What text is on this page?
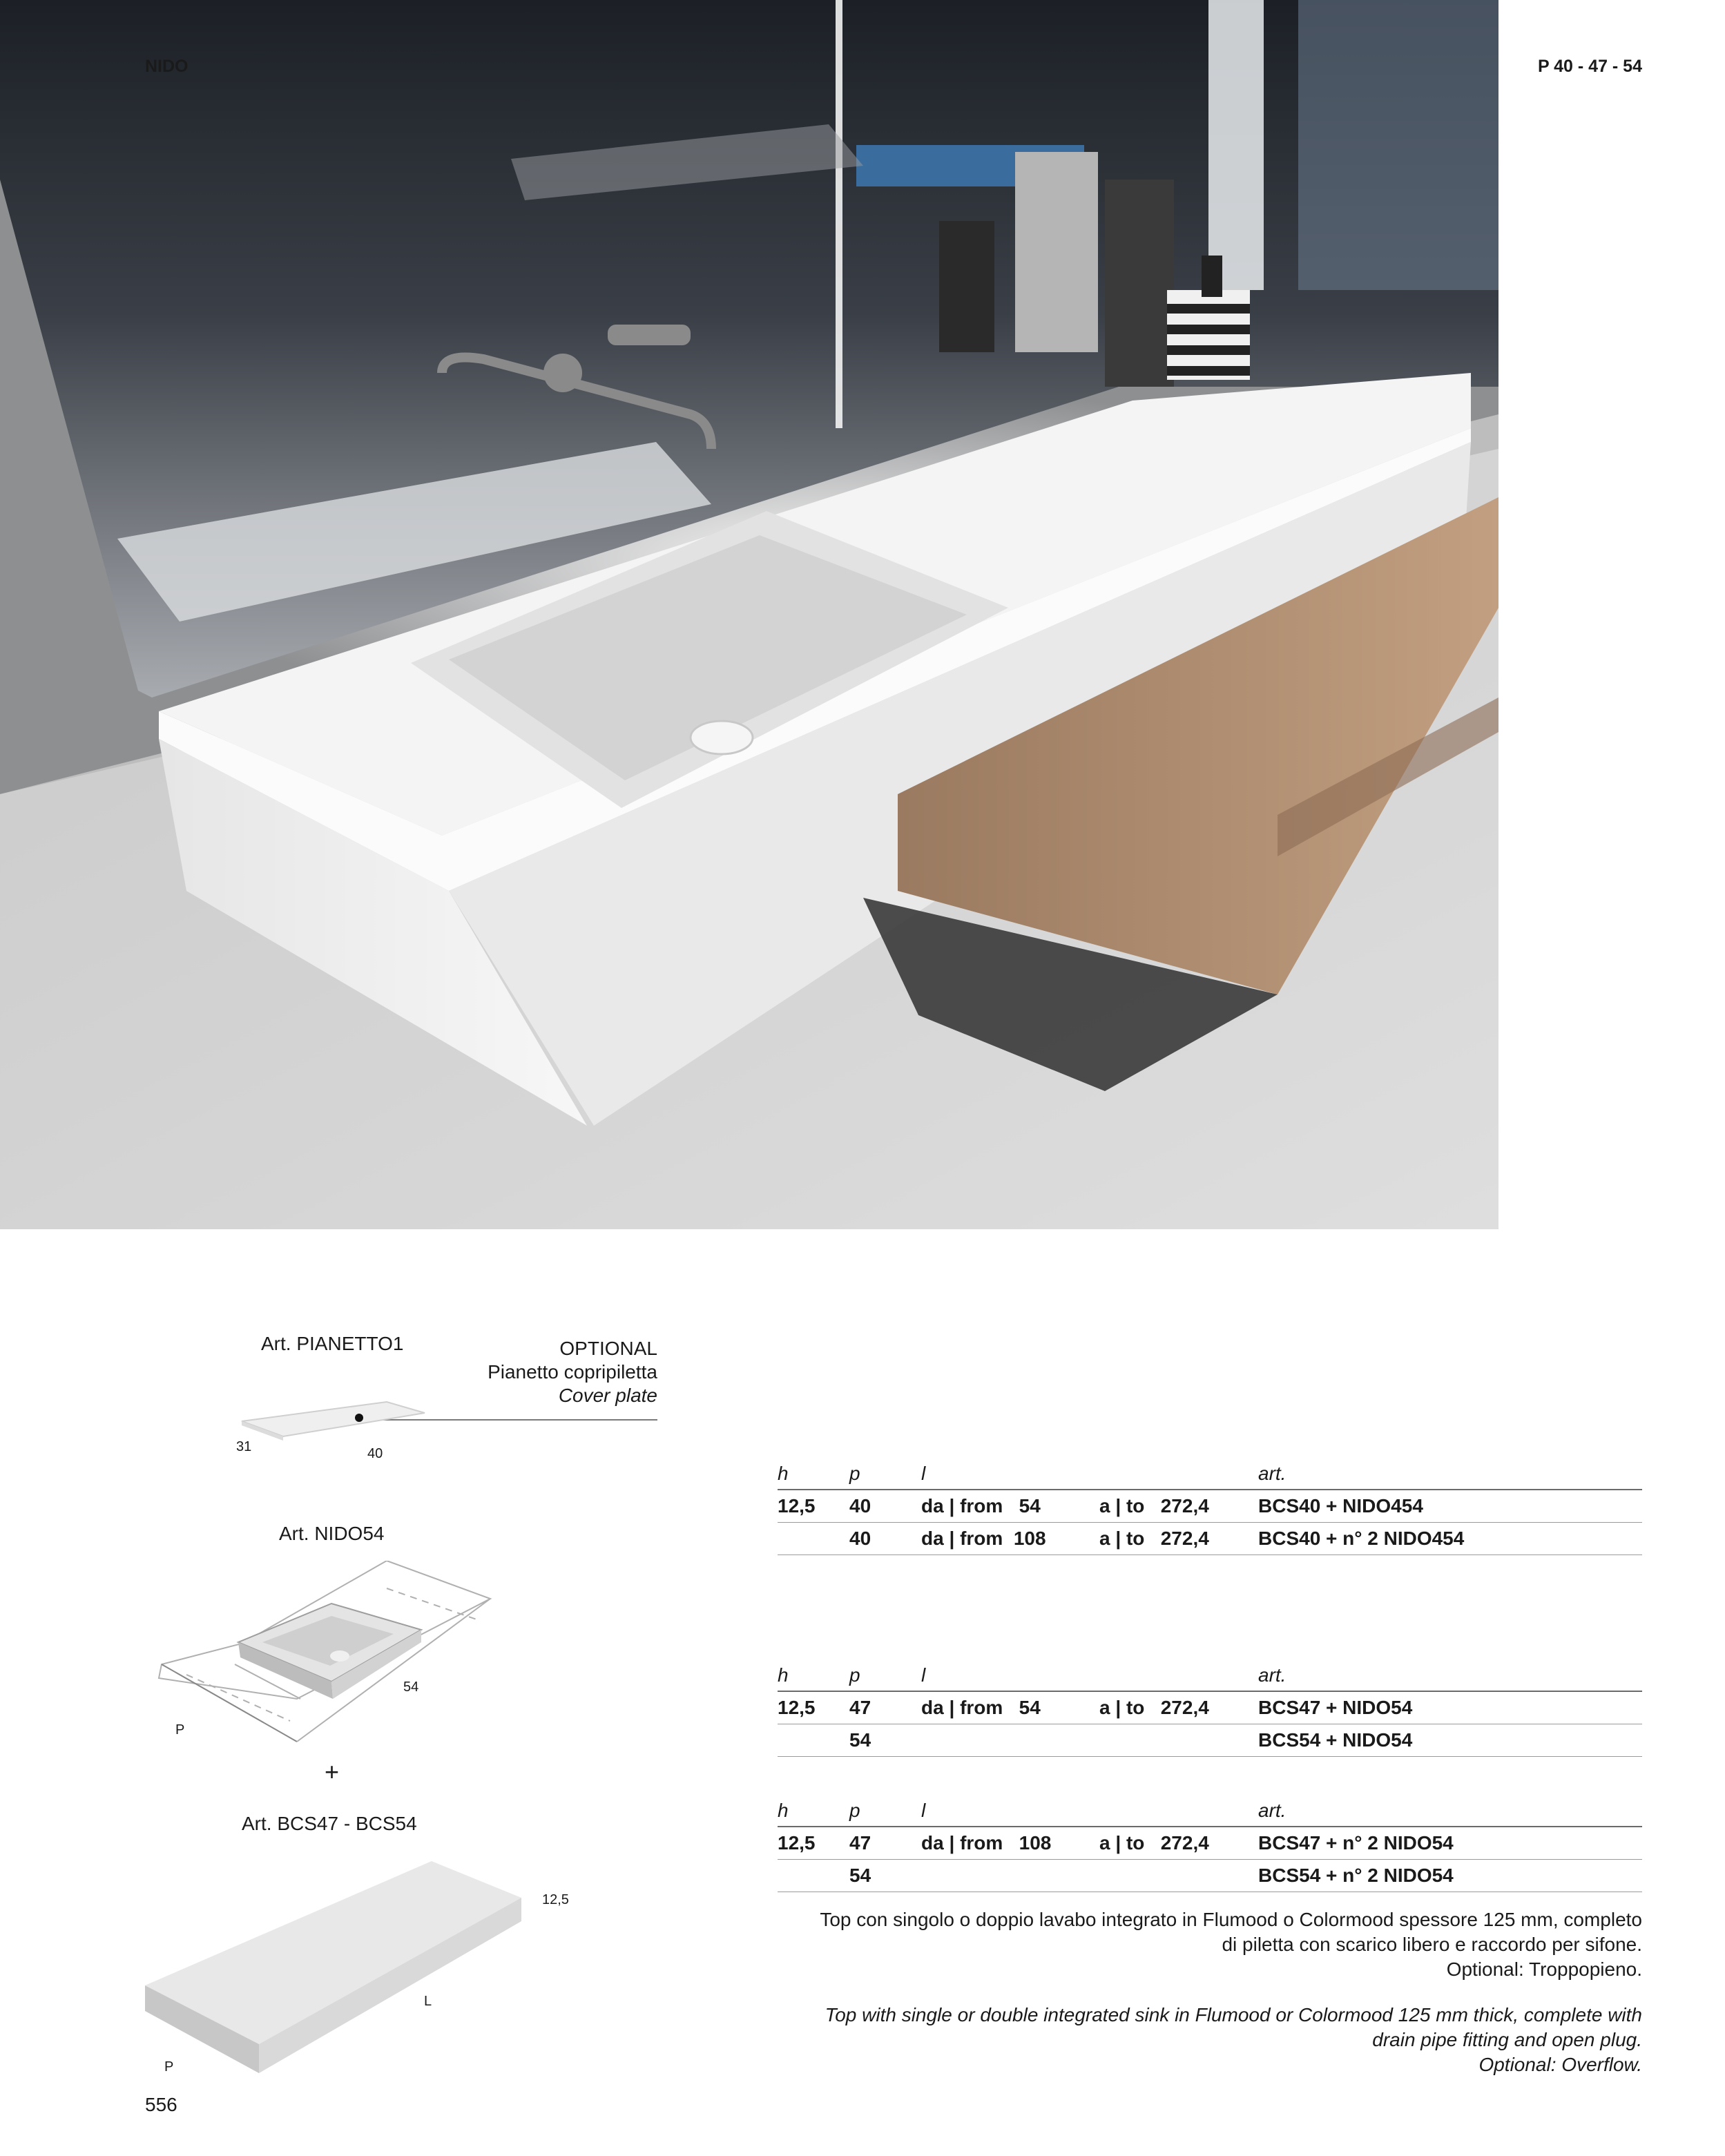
NIDO	P 40 - 47 - 54
Art. PIANETTO1	OPTIONAL
Pianetto copripiletta
Cover plate
31	40
Art. NIDO54
54
P
+
Art. BCS47 - BCS54
12,5
L
P
h	p	l		art.
12,5	40	da | from   54	a | to   272,4	BCS40 + NIDO454
	40	da | from  108	a | to   272,4	BCS40 + n° 2 NIDO454
h	p	l		art.
12,5	47	da | from   54	a | to   272,4	BCS47 + NIDO54
	54			BCS54 + NIDO54
h	p	l		art.
12,5	47	da | from   108	a | to   272,4	BCS47 + n° 2 NIDO54
	54			BCS54 + n° 2 NIDO54
Top con singolo o doppio lavabo integrato in Flumood o Colormood spessore 125 mm, completo
di piletta con scarico libero e raccordo per sifone.
Optional: Troppopieno.
Top with single or double integrated sink in Flumood or Colormood 125 mm thick, complete with
drain pipe fitting and open plug.
Optional: Overflow.
556
